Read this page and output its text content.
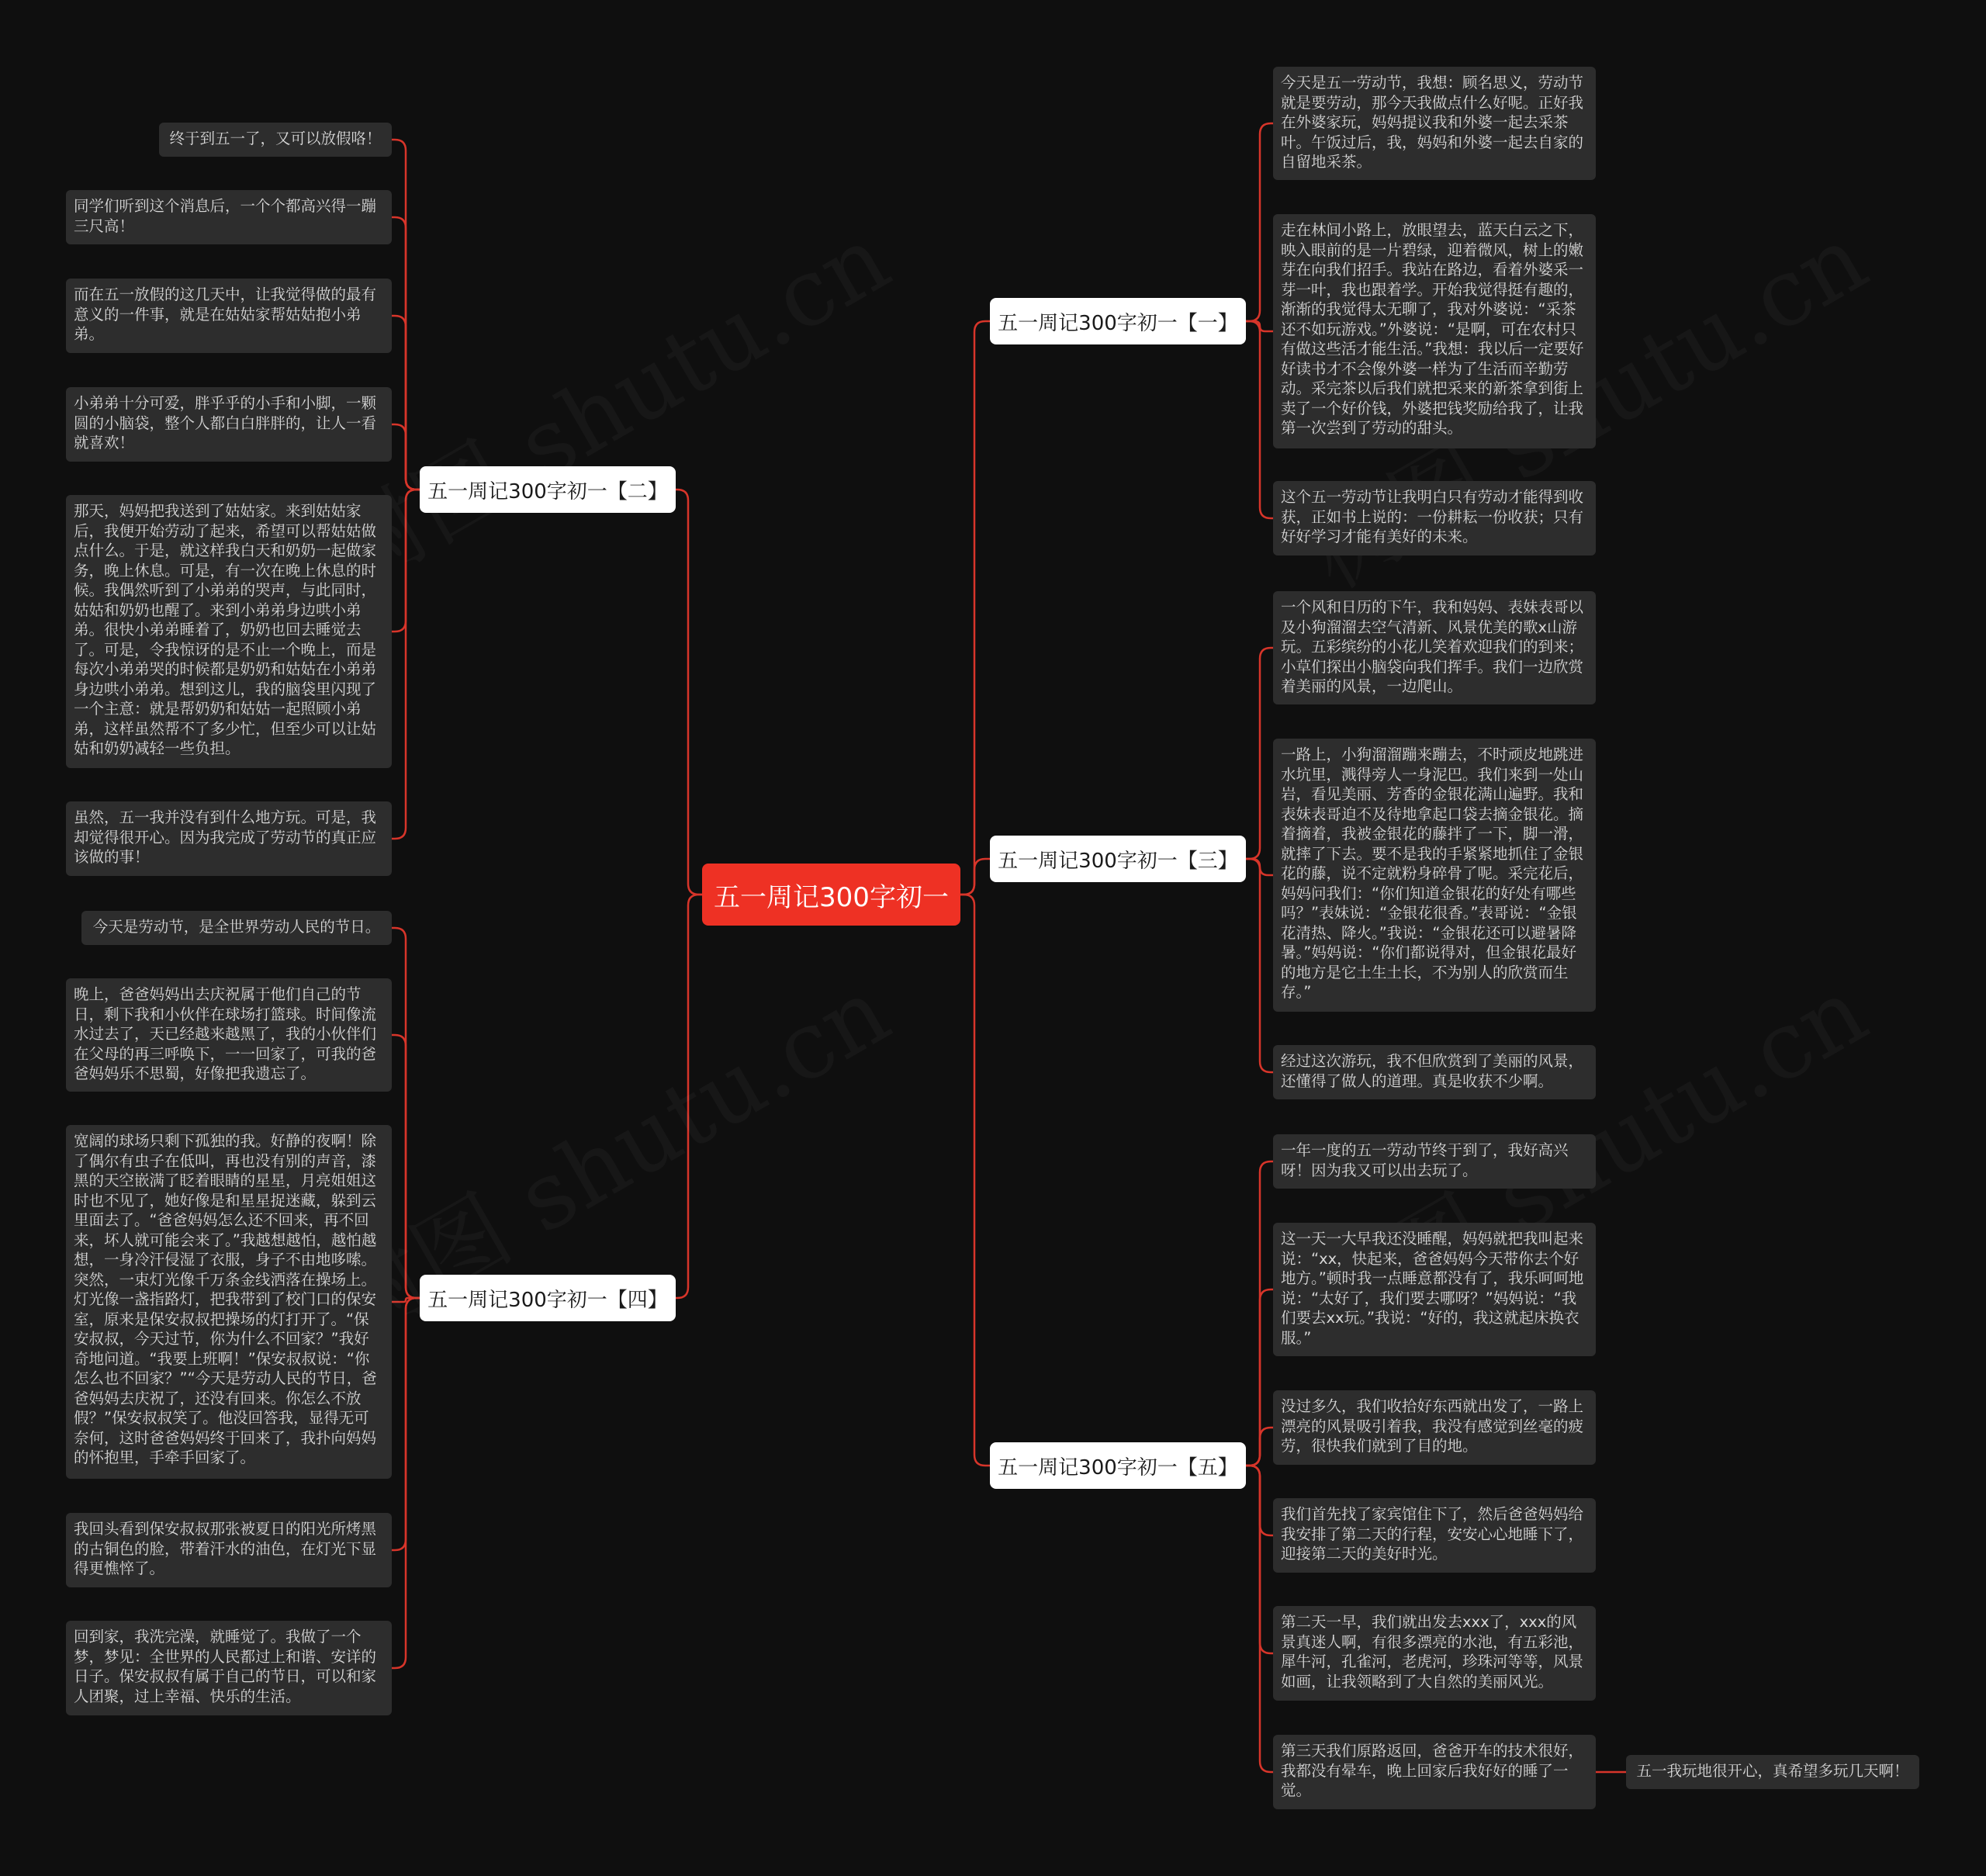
五一周记300字初一
五一周记300字初一【一】
今天是五一劳动节，我想：顾名思义，劳动节就是要劳动，那今天我做点什么好呢。正好我在外婆家玩，妈妈提议我和外婆一起去采茶叶。午饭过后，我，妈妈和外婆一起去自家的自留地采茶。
走在林间小路上，放眼望去，蓝天白云之下，映入眼前的是一片碧绿，迎着微风，树上的嫩芽在向我们招手。我站在路边，看着外婆采一芽一叶，我也跟着学。开始我觉得挺有趣的，渐渐的我觉得太无聊了，我对外婆说：“采茶还不如玩游戏。”外婆说：“是啊，可在农村只有做这些活才能生活。”我想：我以后一定要好好读书才不会像外婆一样为了生活而辛勤劳动。采完茶以后我们就把采来的新茶拿到街上卖了一个好价钱，外婆把钱奖励给我了，让我第一次尝到了劳动的甜头。
这个五一劳动节让我明白只有劳动才能得到收获，正如书上说的：一份耕耘一份收获；只有好好学习才能有美好的未来。
五一周记300字初一【二】
终于到五一了，又可以放假咯！
同学们听到这个消息后，一个个都高兴得一蹦三尺高！
而在五一放假的这几天中，让我觉得做的最有意义的一件事，就是在姑姑家帮姑姑抱小弟弟。
小弟弟十分可爱，胖乎乎的小手和小脚，一颗圆的小脑袋，整个人都白白胖胖的，让人一看就喜欢！
那天，妈妈把我送到了姑姑家。来到姑姑家后，我便开始劳动了起来，希望可以帮姑姑做点什么。于是，就这样我白天和奶奶一起做家务，晚上休息。可是，有一次在晚上休息的时候。我偶然听到了小弟弟的哭声，与此同时，姑姑和奶奶也醒了。来到小弟弟身边哄小弟弟。很快小弟弟睡着了，奶奶也回去睡觉去了。可是，令我惊讶的是不止一个晚上，而是每次小弟弟哭的时候都是奶奶和姑姑在小弟弟身边哄小弟弟。想到这儿，我的脑袋里闪现了一个主意：就是帮奶奶和姑姑一起照顾小弟弟，这样虽然帮不了多少忙，但至少可以让姑姑和奶奶减轻一些负担。
虽然，五一我并没有到什么地方玩。可是，我却觉得很开心。因为我完成了劳动节的真正应该做的事！	五一周记300字初一【三】
一个风和日历的下午，我和妈妈、表妹表哥以及小狗溜溜去空气清新、风景优美的歌x山游玩。五彩缤纷的小花儿笑着欢迎我们的到来；小草们探出小脑袋向我们挥手。我们一边欣赏着美丽的风景，一边爬山。
一路上，小狗溜溜蹦来蹦去，不时顽皮地跳进水坑里，溅得旁人一身泥巴。我们来到一处山岩，看见美丽、芳香的金银花满山遍野。我和表妹表哥迫不及待地拿起口袋去摘金银花。摘着摘着，我被金银花的藤拌了一下，脚一滑，就摔了下去。要不是我的手紧紧地抓住了金银花的藤，说不定就粉身碎骨了呢。采完花后，妈妈问我们：“你们知道金银花的好处有哪些吗？”表妹说：“金银花很香。”表哥说：“金银花清热、降火。”我说：“金银花还可以避暑降暑。”妈妈说：“你们都说得对，但金银花最好的地方是它土生土长，不为别人的欣赏而生存。”
经过这次游玩，我不但欣赏到了美丽的风景，还懂得了做人的道理。真是收获不少啊。
五一周记300字初一【四】
今天是劳动节，是全世界劳动人民的节日。
晚上，爸爸妈妈出去庆祝属于他们自己的节日，剩下我和小伙伴在球场打篮球。时间像流水过去了，天已经越来越黑了，我的小伙伴们在父母的再三呼唤下，一一回家了，可我的爸爸妈妈乐不思蜀，好像把我遗忘了。
宽阔的球场只剩下孤独的我。好静的夜啊！除了偶尔有虫子在低叫，再也没有别的声音，漆黑的天空嵌满了眨着眼睛的星星，月亮姐姐这时也不见了，她好像是和星星捉迷藏，躲到云里面去了。“爸爸妈妈怎么还不回来，再不回来，坏人就可能会来了。”我越想越怕，越怕越想，一身冷汗侵湿了衣服，身子不由地哆嗦。突然，一束灯光像千万条金线洒落在操场上。灯光像一盏指路灯，把我带到了校门口的保安室，原来是保安叔叔把操场的灯打开了。“保安叔叔，今天过节，你为什么不回家？”我好奇地问道。“我要上班啊！”保安叔叔说：“你怎么也不回家？”“今天是劳动人民的节日，爸爸妈妈去庆祝了，还没有回来。你怎么不放假？”保安叔叔笑了。他没回答我，显得无可奈何，这时爸爸妈妈终于回来了，我扑向妈妈的怀抱里，手牵手回家了。
我回头看到保安叔叔那张被夏日的阳光所烤黑的古铜色的脸，带着汗水的油色，在灯光下显得更憔悴了。
回到家，我洗完澡，就睡觉了。我做了一个梦，梦见：全世界的人民都过上和谐、安详的日子。保安叔叔有属于自己的节日，可以和家人团聚，过上幸福、快乐的生活。
五一周记300字初一【五】
一年一度的五一劳动节终于到了，我好高兴呀！因为我又可以出去玩了。
这一天一大早我还没睡醒，妈妈就把我叫起来说：“xx，快起来，爸爸妈妈今天带你去个好地方。”顿时我一点睡意都没有了，我乐呵呵地说：“太好了，我们要去哪呀？”妈妈说：“我们要去xx玩。”我说：“好的，我这就起床换衣服。”
没过多久，我们收拾好东西就出发了，一路上漂亮的风景吸引着我，我没有感觉到丝毫的疲劳，很快我们就到了目的地。
我们首先找了家宾馆住下了，然后爸爸妈妈给我安排了第二天的行程，安安心心地睡下了，迎接第二天的美好时光。
第二天一早，我们就出发去xxx了，xxx的风景真迷人啊，有很多漂亮的水池，有五彩池，犀牛河，孔雀河，老虎河，珍珠河等等，风景如画，让我领略到了大自然的美丽风光。
第三天我们原路返回，爸爸开车的技术很好，我都没有晕车，晚上回家后我好好的睡了一觉。
五一我玩地很开心，真希望多玩几天啊！
